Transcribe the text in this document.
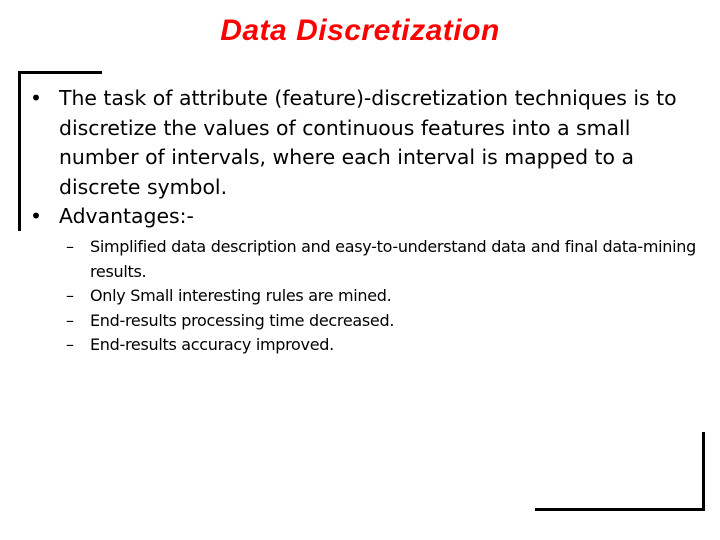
Data Discretization
• The task of attribute (feature)-discretization techniques is to discretize the values of continuous features into a small number of intervals, where each interval is mapped to a discrete symbol.
• Advantages:-
– Simplified data description and easy-to-understand data and final data-mining results.
– Only Small interesting rules are mined.
– End-results processing time decreased.
– End-results accuracy improved.
